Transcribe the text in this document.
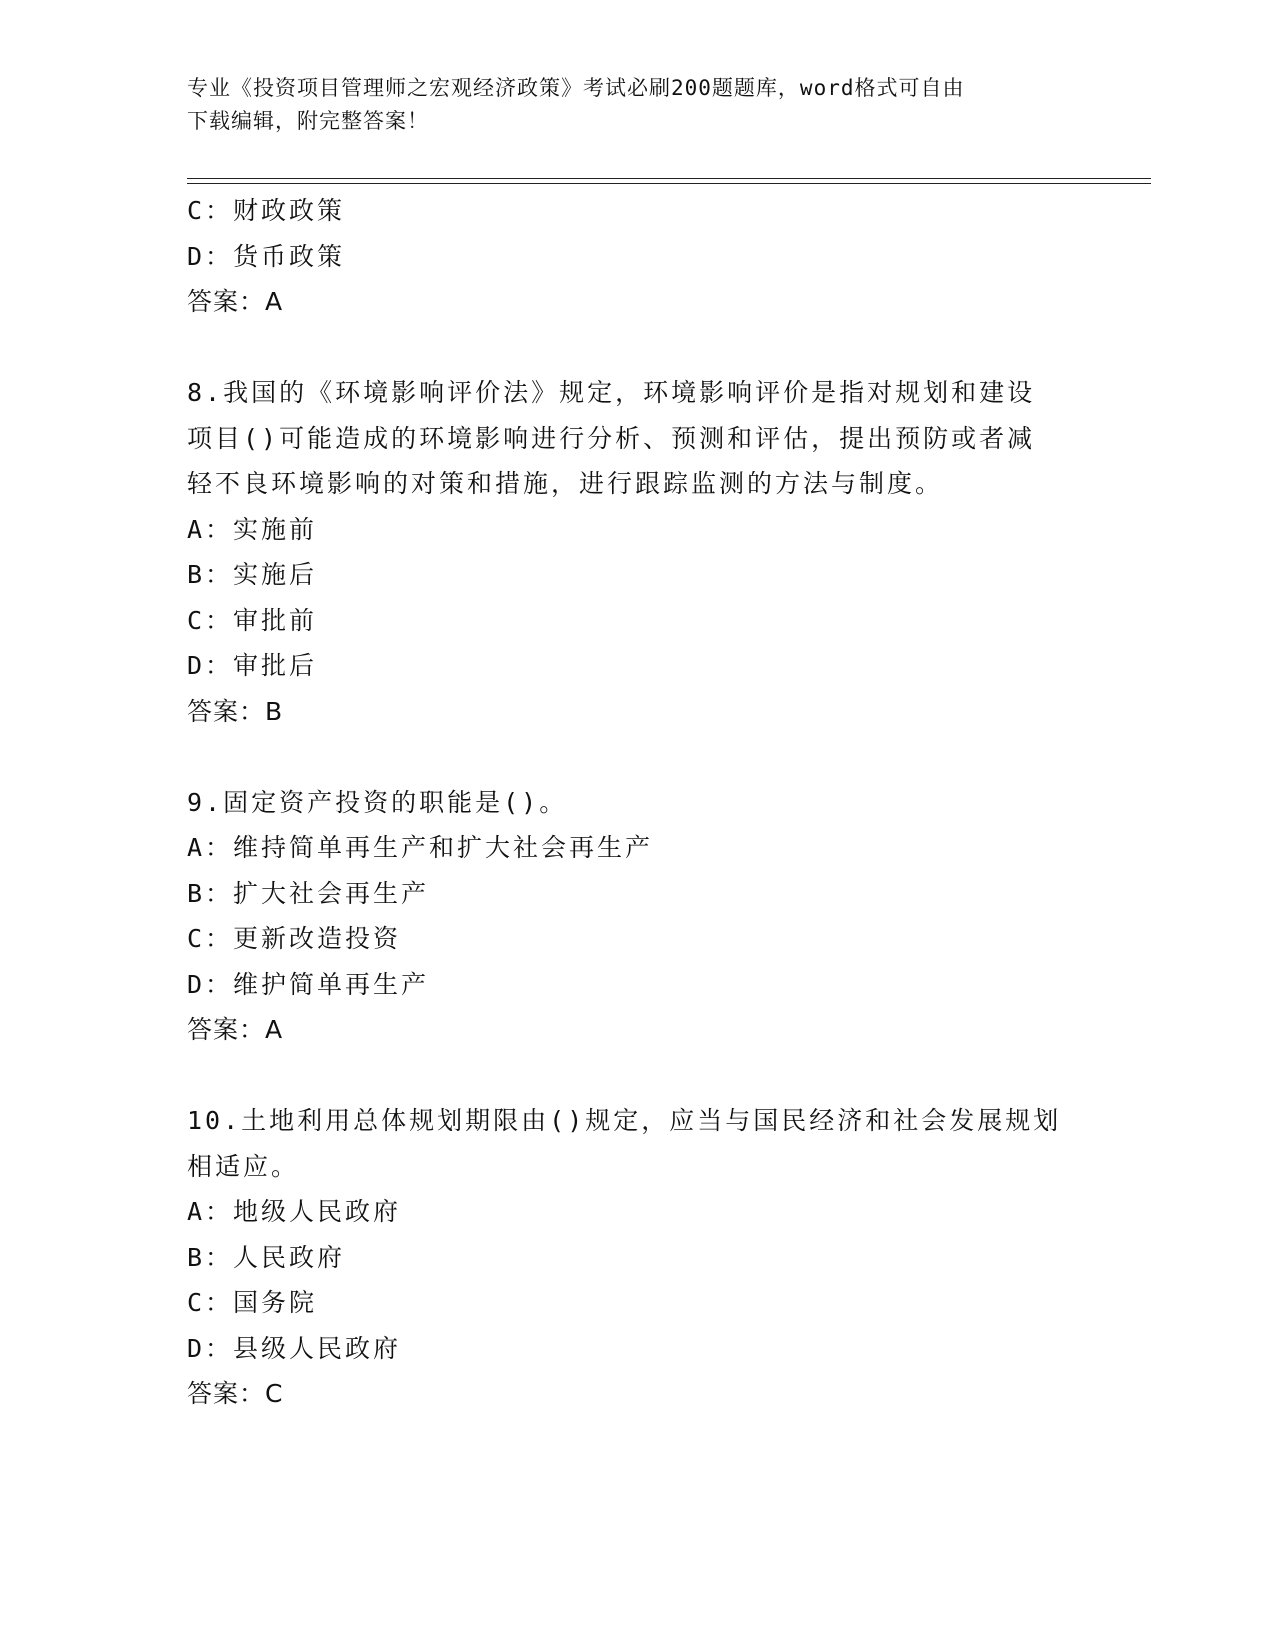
专业《投资项目管理师之宏观经济政策》考试必刷200题题库，word格式可自由
下载编辑，附完整答案！
C：财政政策
D：货币政策
答案：A
8.我国的《环境影响评价法》规定，环境影响评价是指对规划和建设
项目()可能造成的环境影响进行分析、预测和评估，提出预防或者减
轻不良环境影响的对策和措施，进行跟踪监测的方法与制度。
A：实施前
B：实施后
C：审批前
D：审批后
答案：B
9.固定资产投资的职能是()。
A：维持简单再生产和扩大社会再生产
B：扩大社会再生产
C：更新改造投资
D：维护简单再生产
答案：A
10.土地利用总体规划期限由()规定，应当与国民经济和社会发展规划
相适应。
A：地级人民政府
B：人民政府
C：国务院
D：县级人民政府
答案：C
